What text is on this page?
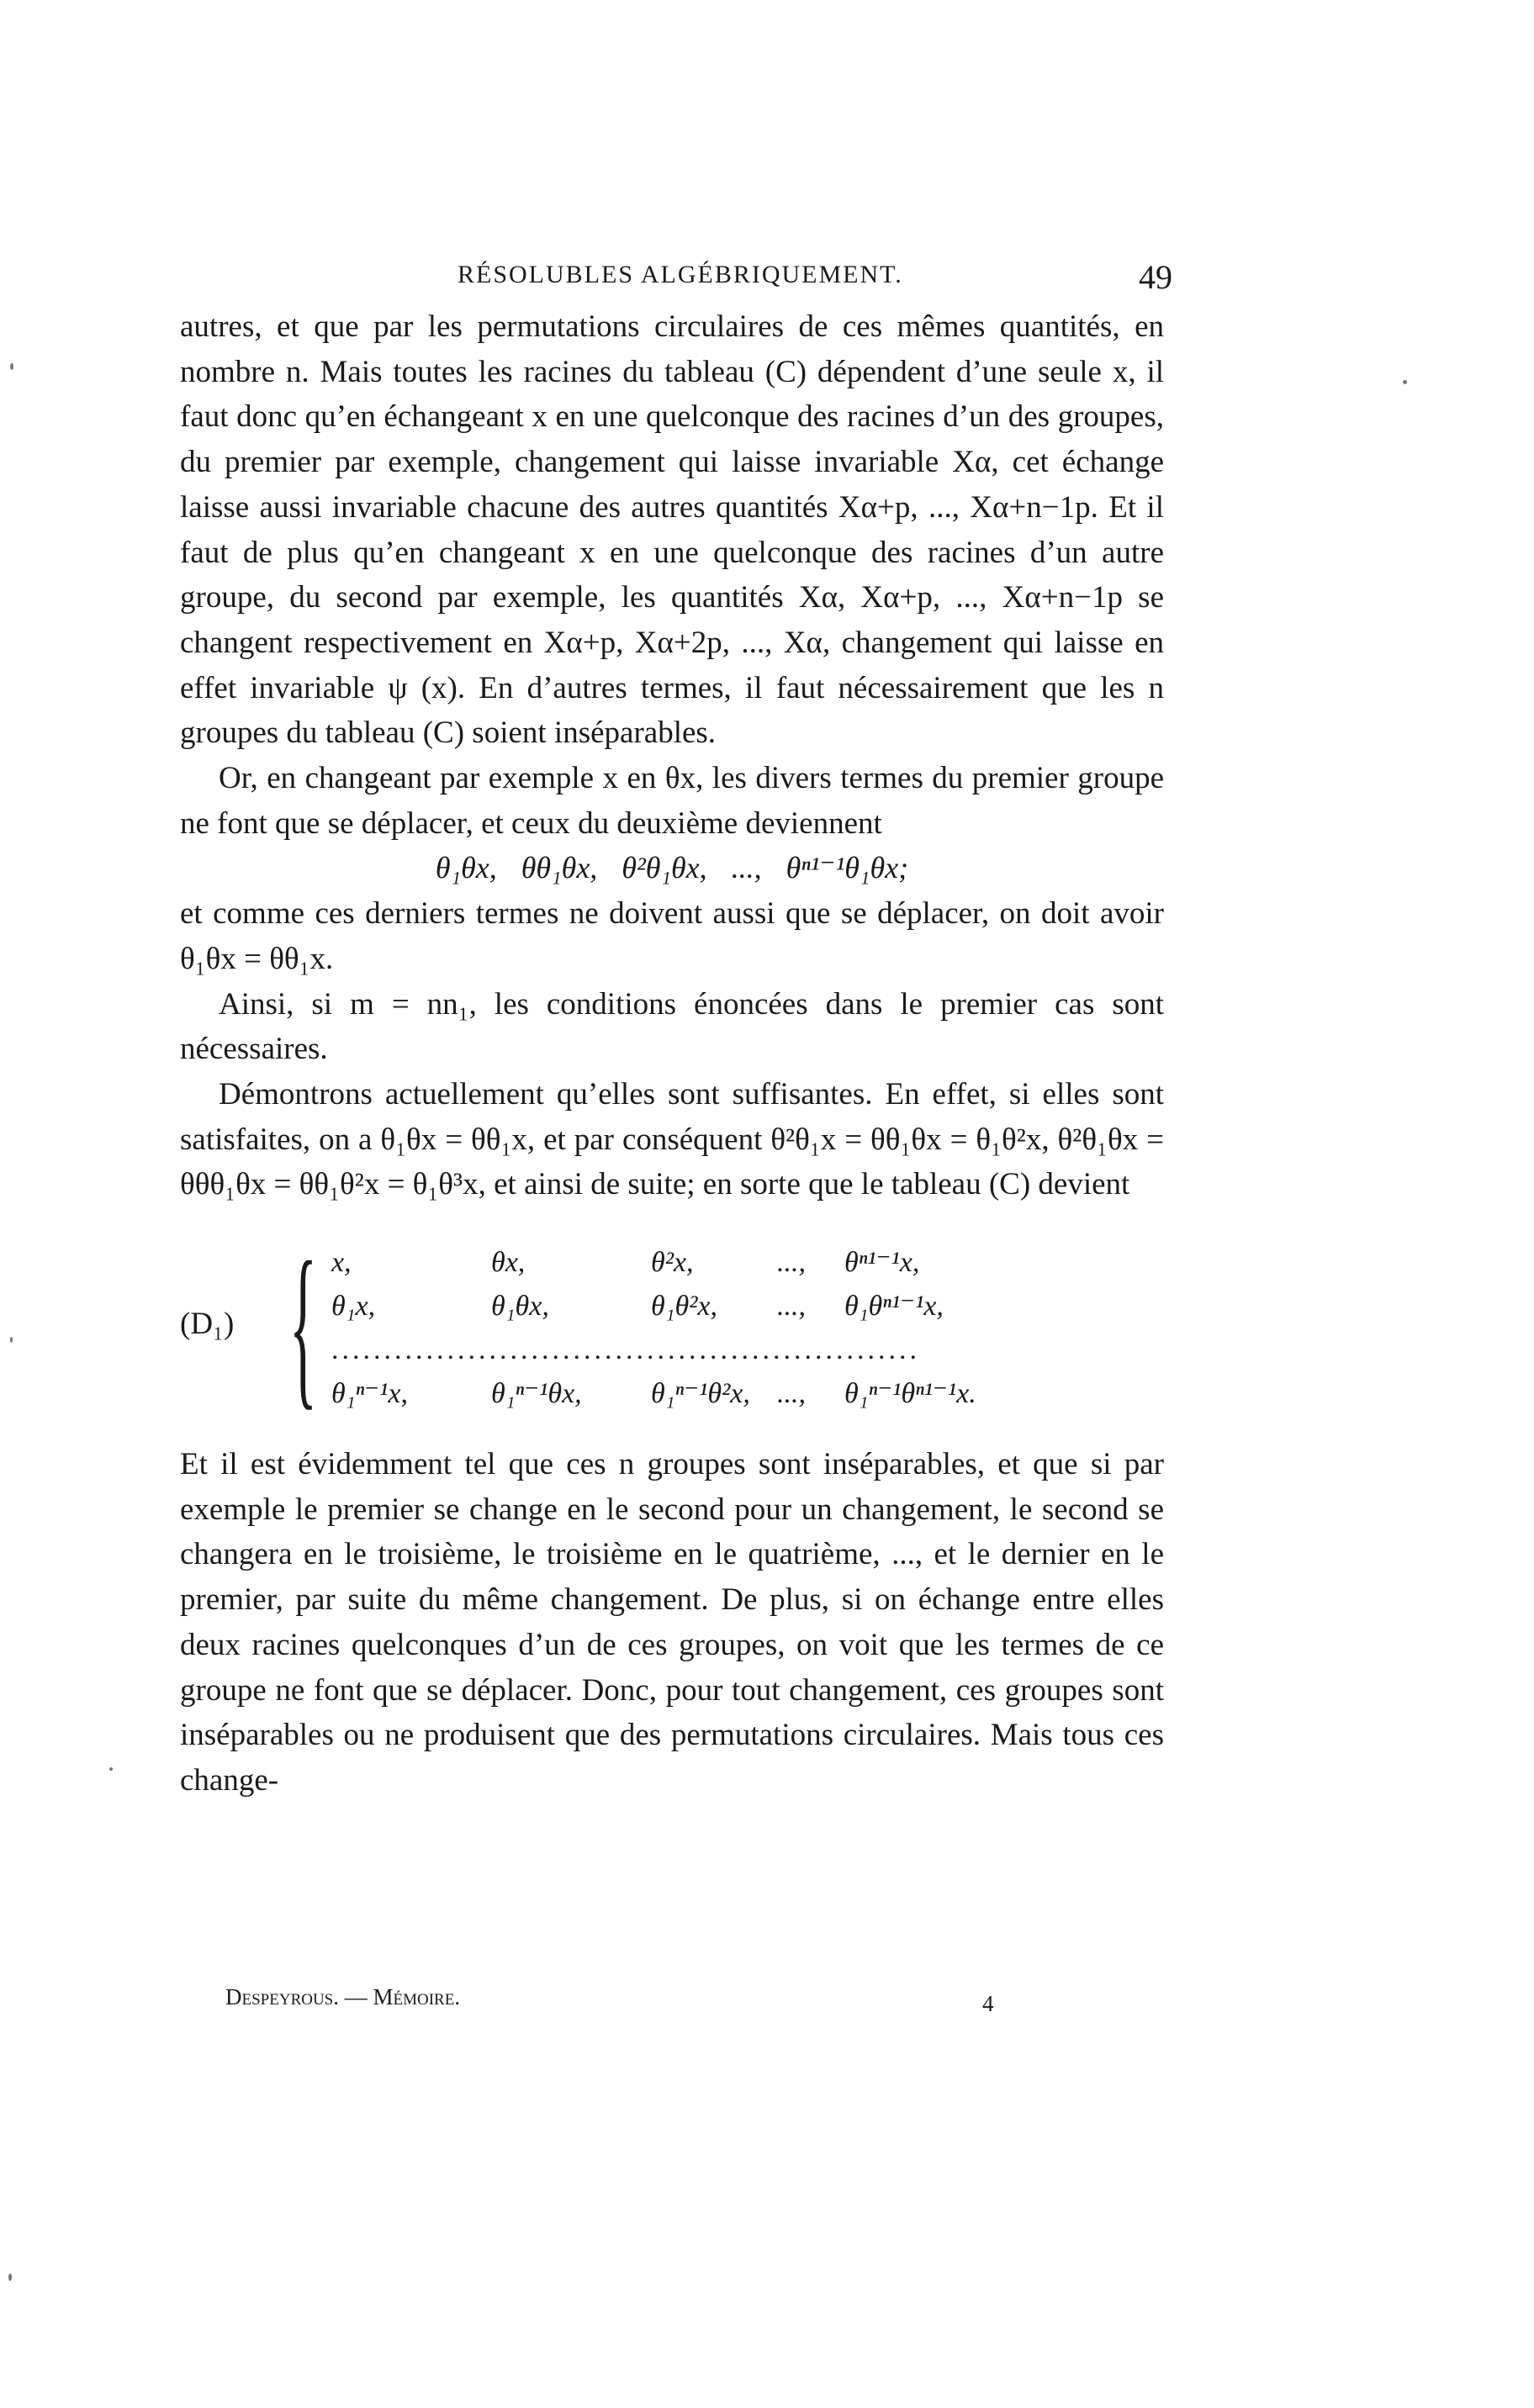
RÉSOLUBLES ALGÉBRIQUEMENT.	49

autres, et que par les permutations circulaires de ces mêmes quantités, en nombre n. Mais toutes les racines du tableau (C) dépendent d’une seule x, il faut donc qu’en échangeant x en une quelconque des racines d’un des groupes, du premier par exemple, changement qui laisse invariable Xα, cet échange laisse aussi invariable chacune des autres quantités Xα+p, ..., Xα+n−1p. Et il faut de plus qu’en changeant x en une quelconque des racines d’un autre groupe, du second par exemple, les quantités Xα, Xα+p, ..., Xα+n−1p se changent respectivement en Xα+p, Xα+2p, ..., Xα, changement qui laisse en effet invariable ψ (x). En d’autres termes, il faut nécessairement que les n groupes du tableau (C) soient inséparables.

Or, en changeant par exemple x en θx, les divers termes du premier groupe ne font que se déplacer, et ceux du deuxième deviennent

θ₁θx, θθ₁θx, θ²θ₁θx, ..., θⁿ¹⁻¹θ₁θx;

et comme ces derniers termes ne doivent aussi que se déplacer, on doit avoir θ₁θx = θθ₁x.

Ainsi, si m = nn₁, les conditions énoncées dans le premier cas sont nécessaires.

Démontrons actuellement qu’elles sont suffisantes. En effet, si elles sont satisfaites, on a θ₁θx = θθ₁x, et par conséquent θ²θ₁x = θθ₁θx = θ₁θ²x, θ²θ₁θx = θθθ₁θx = θθ₁θ²x = θ₁θ³x, et ainsi de suite; en sorte que le tableau (C) devient

(D₁) { x,	θx,	θ²x,	...,	θⁿ¹⁻¹x,
θ₁x,	θ₁θx,	θ₁θ²x,	...,	θ₁θⁿ¹⁻¹x,
........................................................
θ₁ⁿ⁻¹x,	θ₁ⁿ⁻¹θx,	θ₁ⁿ⁻¹θ²x, ...,	θ₁ⁿ⁻¹θⁿ¹⁻¹x.

Et il est évidemment tel que ces n groupes sont inséparables, et que si par exemple le premier se change en le second pour un changement, le second se changera en le troisième, le troisième en le quatrième, ..., et le dernier en le premier, par suite du même changement. De plus, si on échange entre elles deux racines quelconques d’un de ces groupes, on voit que les termes de ce groupe ne font que se déplacer. Donc, pour tout changement, ces groupes sont inséparables ou ne produisent que des permutations circulaires. Mais tous ces change-

Despeyrous. — Mémoire.	4
